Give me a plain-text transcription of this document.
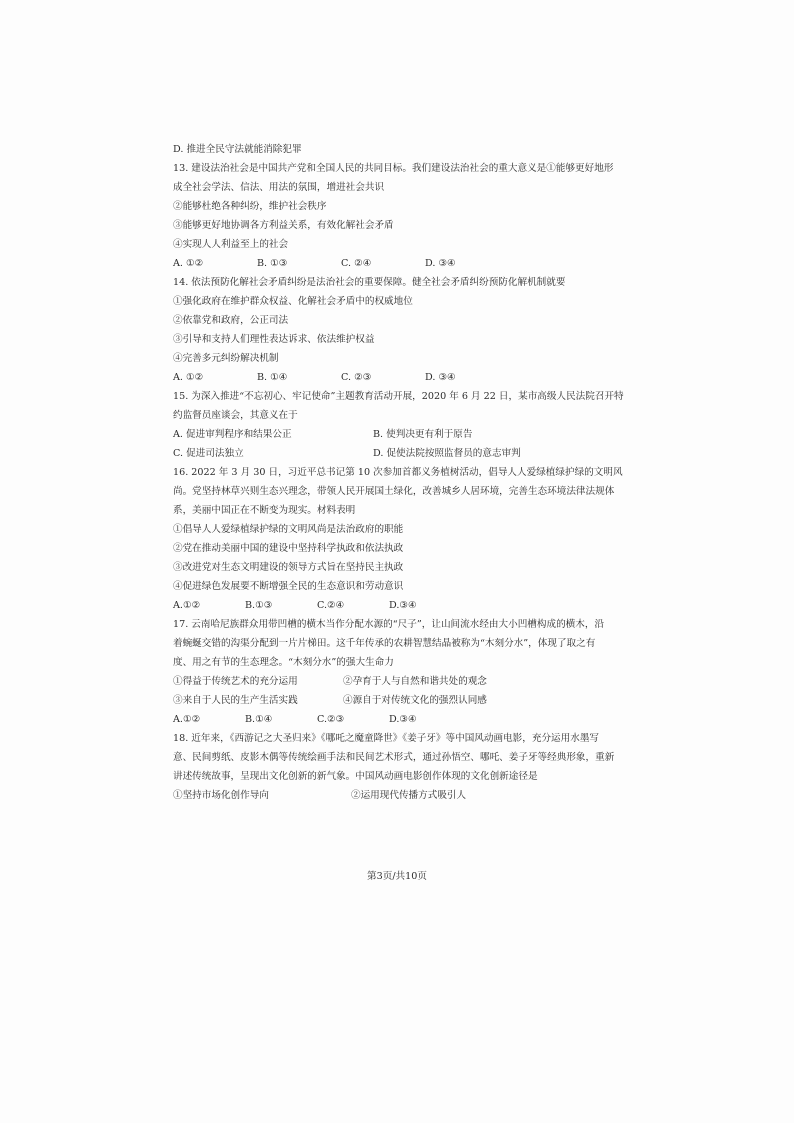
D. 推进全民守法就能消除犯罪
13. 建设法治社会是中国共产党和全国人民的共同目标。我们建设法治社会的重大意义是①能够更好地形
成全社会学法、信法、用法的氛围，增进社会共识
②能够杜绝各种纠纷，维护社会秩序
③能够更好地协调各方利益关系，有效化解社会矛盾
④实现人人利益至上的社会
A. ①②	B. ①③	C. ②④	D. ③④
14. 依法预防化解社会矛盾纠纷是法治社会的重要保障。健全社会矛盾纠纷预防化解机制就要
①强化政府在维护群众权益、化解社会矛盾中的权威地位
②依靠党和政府，公正司法
③引导和支持人们理性表达诉求、依法维护权益
④完善多元纠纷解决机制
A. ①②	B. ①④	C. ②③	D. ③④
15. 为深入推进“不忘初心、牢记使命”主题教育活动开展，2020 年 6 月 22 日，某市高级人民法院召开特
约监督员座谈会，其意义在于
A. 促进审判程序和结果公正	B. 使判决更有利于原告
C. 促进司法独立	D. 促使法院按照监督员的意志审判
16. 2022 年 3 月 30 日，习近平总书记第 10 次参加首都义务植树活动，倡导人人爱绿植绿护绿的文明风
尚。党坚持林草兴则生态兴理念，带领人民开展国土绿化，改善城乡人居环境，完善生态环境法律法规体
系，美丽中国正在不断变为现实。材料表明
①倡导人人爱绿植绿护绿的文明风尚是法治政府的职能
②党在推动美丽中国的建设中坚持科学执政和依法执政
③改进党对生态文明建设的领导方式旨在坚持民主执政
④促进绿色发展要不断增强全民的生态意识和劳动意识
A.①②	B.①③	C.②④	D.③④
17. 云南哈尼族群众用带凹槽的横木当作分配水源的“尺子”，让山间流水经由大小凹槽构成的横木，沿
着蜿蜒交错的沟渠分配到一片片梯田。这千年传承的农耕智慧结晶被称为“木刻分水”，体现了取之有
度、用之有节的生态理念。“木刻分水”的强大生命力
①得益于传统艺术的充分运用	②孕育于人与自然和谐共处的观念
③来自于人民的生产生活实践	④源自于对传统文化的强烈认同感
A.①②	B.①④	C.②③	D.③④
18. 近年来，《西游记之大圣归来》《哪吒之魔童降世》《姜子牙》等中国风动画电影，充分运用水墨写
意、民间剪纸、皮影木偶等传统绘画手法和民间艺术形式，通过孙悟空、哪吒、姜子牙等经典形象，重新
讲述传统故事，呈现出文化创新的新气象。中国风动画电影创作体现的文化创新途径是
①坚持市场化创作导向	②运用现代传播方式吸引人
第3页/共10页
